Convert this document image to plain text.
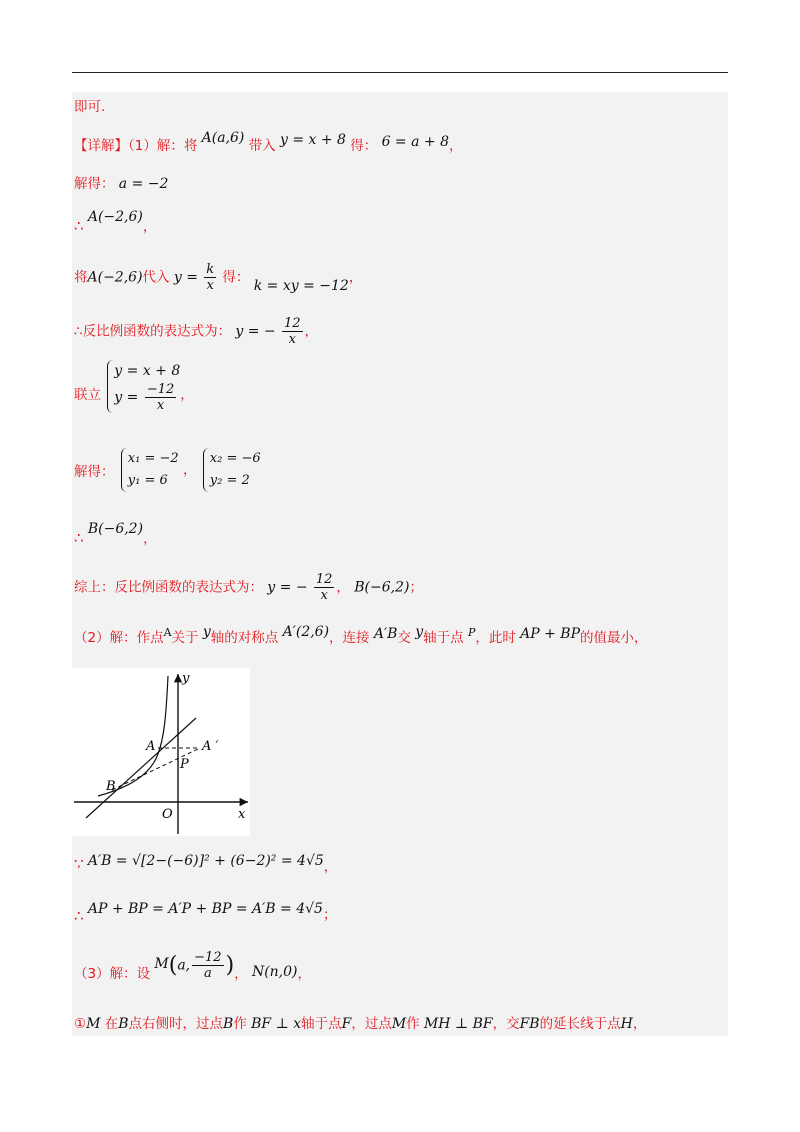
即可.
【详解】（1）解：将 A(a,6) 带入 y = x + 8 得： 6 = a + 8，
解得： a = −2
∴ A(−2,6)，
将A(−2,6)代入 $y = \frac{k}{x}$ 得： k = xy = −12，
∴反比例函数的表达式为： y = − $\frac{12}{x}$ ，
联立
y = x + 8
$y = \frac{-12}{x}$ ，
解得：
x₁ = −2
y₁ = 6
，
x₂ = −6
y₂ = 2
∴ B(−6,2)，
综上：反比例函数的表达式为： y = − $\frac{12}{x}$ ， B(−6,2)；
（2）解：作点$^A$关于 y轴的对称点 A′(2,6)，连接 A′B交 y轴于点 $^P$，此时 AP + BP的值最小，
y
x
O
A	A ′
P
B
∵ A′B = √[2−(−6)]² + (6−2)² = 4√5，
∴ AP + BP = A′P + BP = A′B = 4√5；
（3）解：设 M(a, $\frac{-12}{a}$ )， N(n,0)，
①M 在B点右侧时，过点B作 BF ⊥ x轴于点F，过点M作 MH ⊥ BF，交FB的延长线于点H，
